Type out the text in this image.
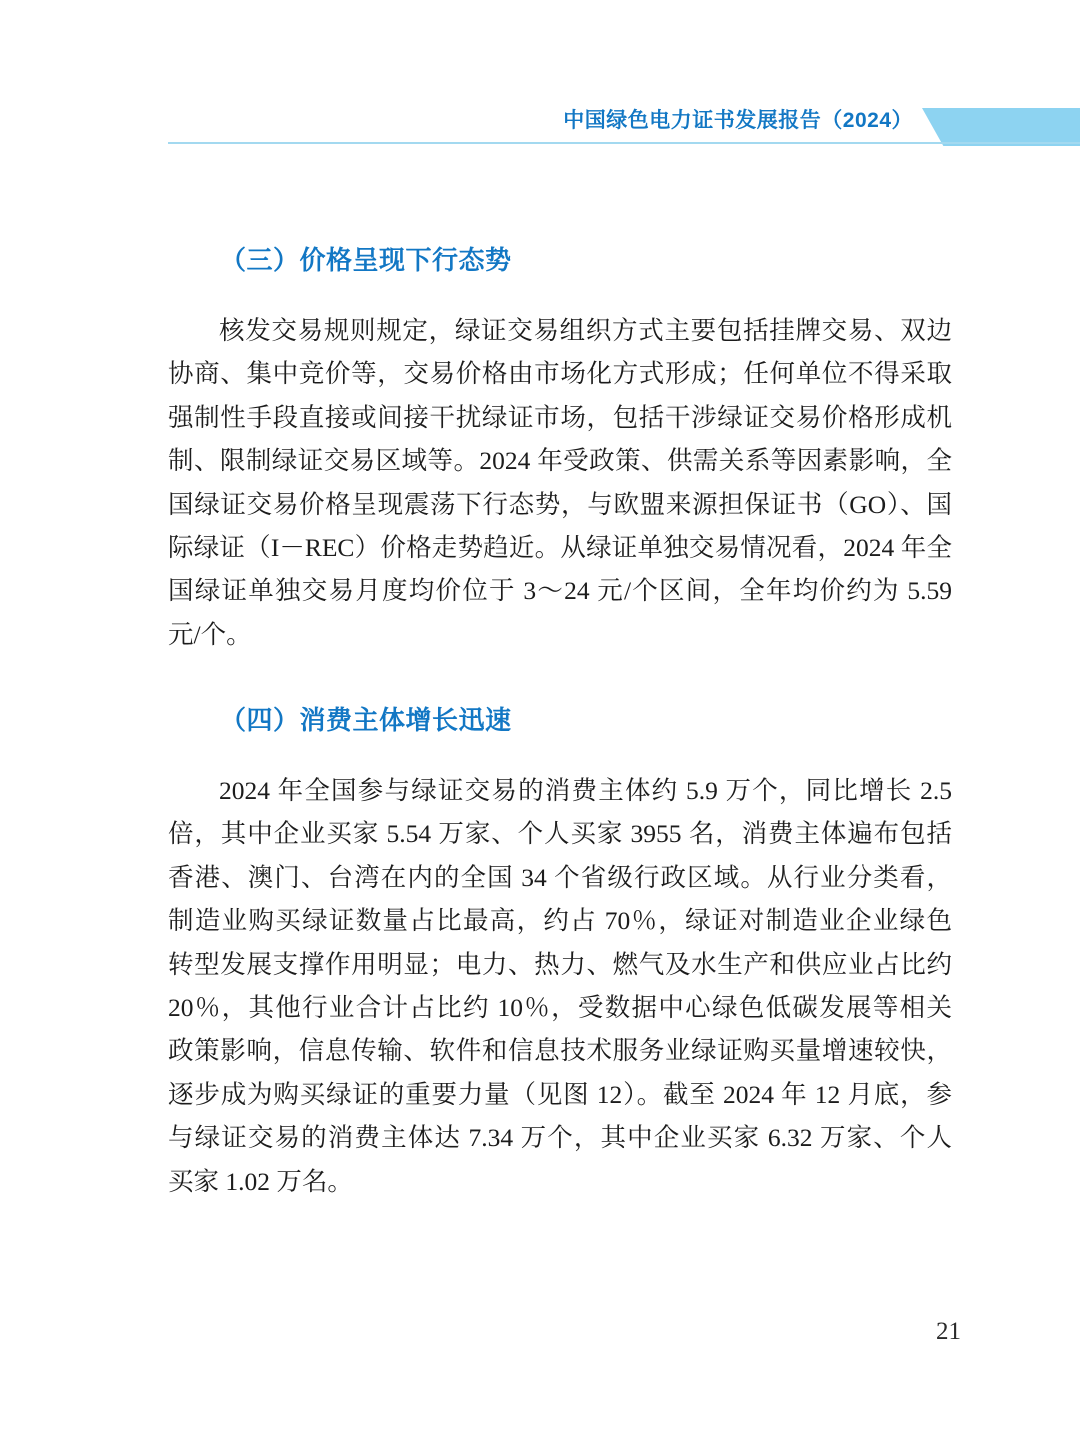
中国绿色电力证书发展报告（2024）
（三）价格呈现下行态势
核发交易规则规定，绿证交易组织方式主要包括挂牌交易、双边
协商、集中竞价等，交易价格由市场化方式形成；任何单位不得采取
强制性手段直接或间接干扰绿证市场，包括干涉绿证交易价格形成机
制、限制绿证交易区域等。2024 年受政策、供需关系等因素影响，全
国绿证交易价格呈现震荡下行态势，与欧盟来源担保证书（GO）、国
际绿证（I－REC）价格走势趋近。从绿证单独交易情况看，2024 年全
国绿证单独交易月度均价位于 3～24 元/个区间，全年均价约为 5.59
元/个。
（四）消费主体增长迅速
2024 年全国参与绿证交易的消费主体约 5.9 万个，同比增长 2.5
倍，其中企业买家 5.54 万家、个人买家 3955 名，消费主体遍布包括
香港、澳门、台湾在内的全国 34 个省级行政区域。从行业分类看，
制造业购买绿证数量占比最高，约占 70％，绿证对制造业企业绿色
转型发展支撑作用明显；电力、热力、燃气及水生产和供应业占比约
20％，其他行业合计占比约 10％，受数据中心绿色低碳发展等相关
政策影响，信息传输、软件和信息技术服务业绿证购买量增速较快，
逐步成为购买绿证的重要力量（见图 12）。截至 2024 年 12 月底，参
与绿证交易的消费主体达 7.34 万个，其中企业买家 6.32 万家、个人
买家 1.02 万名。
21
